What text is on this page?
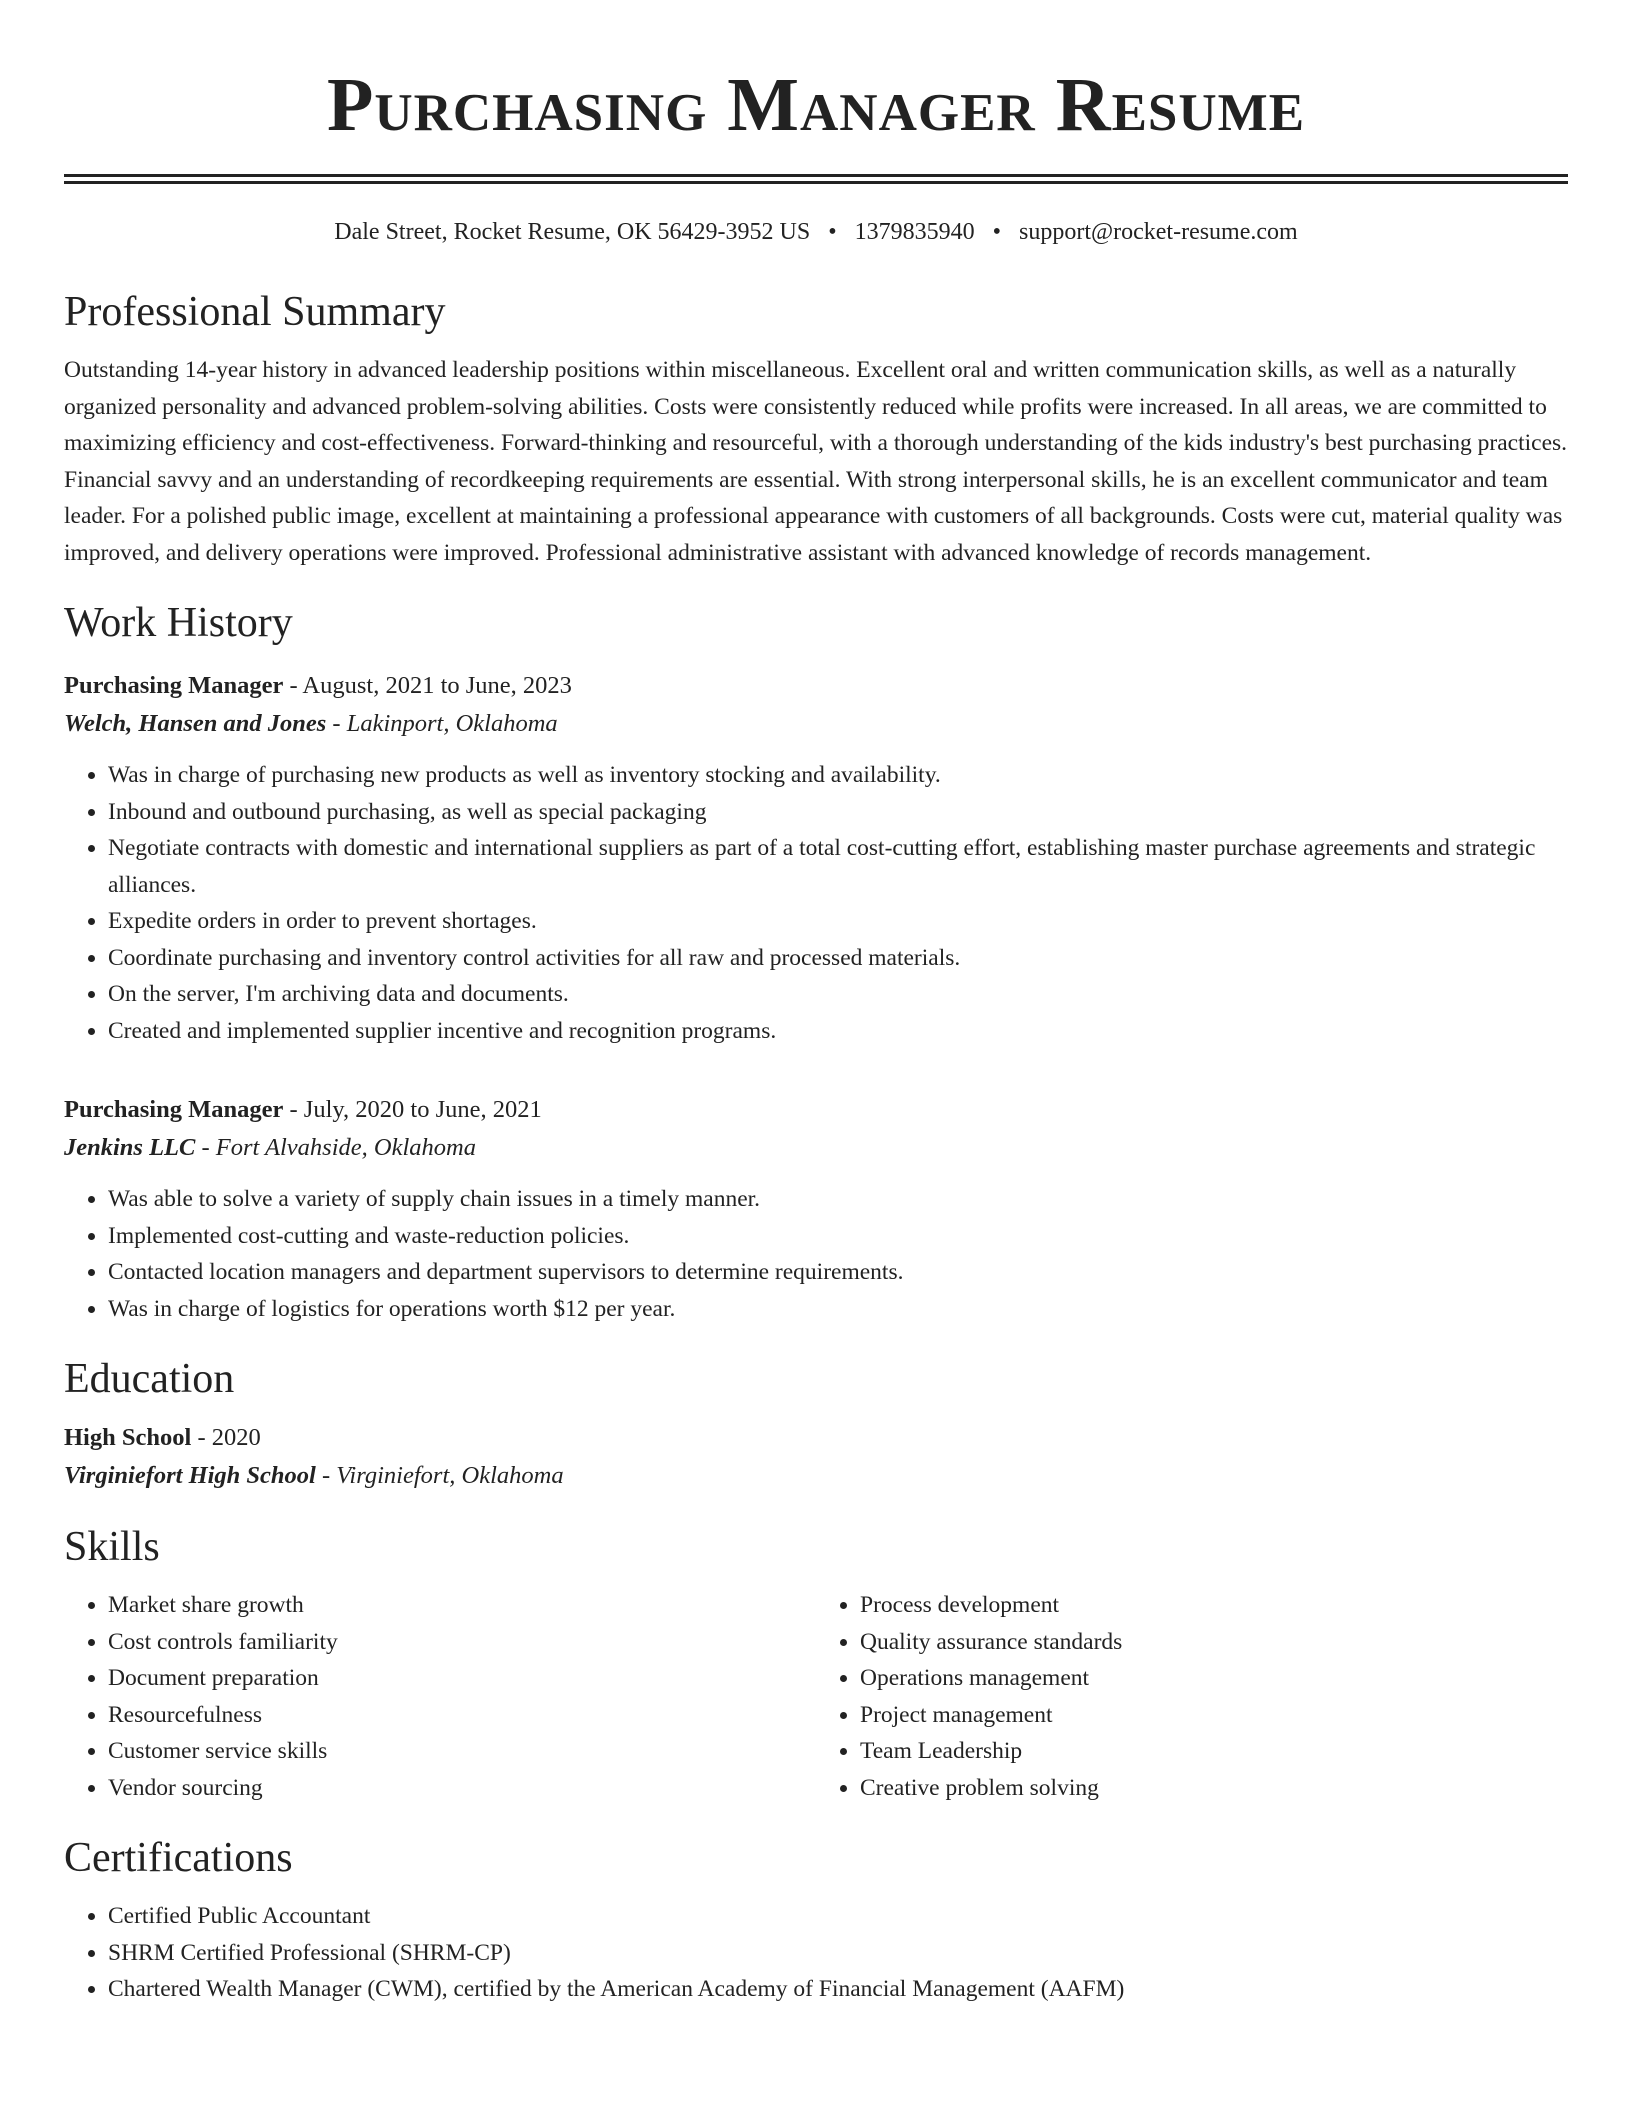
Purchasing Manager Resume
Dale Street, Rocket Resume, OK 56429-3952 US • 1379835940 • support@rocket-resume.com
Professional Summary

Outstanding 14-year history in advanced leadership positions within miscellaneous. Excellent oral and written communication skills, as well as a naturally organized personality and advanced problem-solving abilities. Costs were consistently reduced while profits were increased. In all areas, we are committed to maximizing efficiency and cost-effectiveness. Forward-thinking and resourceful, with a thorough understanding of the kids industry's best purchasing practices. Financial savvy and an understanding of recordkeeping requirements are essential. With strong interpersonal skills, he is an excellent communicator and team leader. For a polished public image, excellent at maintaining a professional appearance with customers of all backgrounds. Costs were cut, material quality was improved, and delivery operations were improved. Professional administrative assistant with advanced knowledge of records management.

Work History
Purchasing Manager - August, 2021 to June, 2023
Welch, Hansen and Jones - Lakinport, Oklahoma
• Was in charge of purchasing new products as well as inventory stocking and availability.
• Inbound and outbound purchasing, as well as special packaging
• Negotiate contracts with domestic and international suppliers as part of a total cost-cutting effort, establishing master purchase agreements and strategic alliances.
• Expedite orders in order to prevent shortages.
• Coordinate purchasing and inventory control activities for all raw and processed materials.
• On the server, I'm archiving data and documents.
• Created and implemented supplier incentive and recognition programs.
Purchasing Manager - July, 2020 to June, 2021
Jenkins LLC - Fort Alvahside, Oklahoma
• Was able to solve a variety of supply chain issues in a timely manner.
• Implemented cost-cutting and waste-reduction policies.
• Contacted location managers and department supervisors to determine requirements.
• Was in charge of logistics for operations worth $12 per year.
Education
High School - 2020
Virginiefort High School - Virginiefort, Oklahoma
Skills
• Market share growth
• Cost controls familiarity
• Document preparation
• Resourcefulness
• Customer service skills
• Vendor sourcing
• Process development
• Quality assurance standards
• Operations management
• Project management
• Team Leadership
• Creative problem solving
Certifications
• Certified Public Accountant
• SHRM Certified Professional (SHRM-CP)
• Chartered Wealth Manager (CWM), certified by the American Academy of Financial Management (AAFM)
